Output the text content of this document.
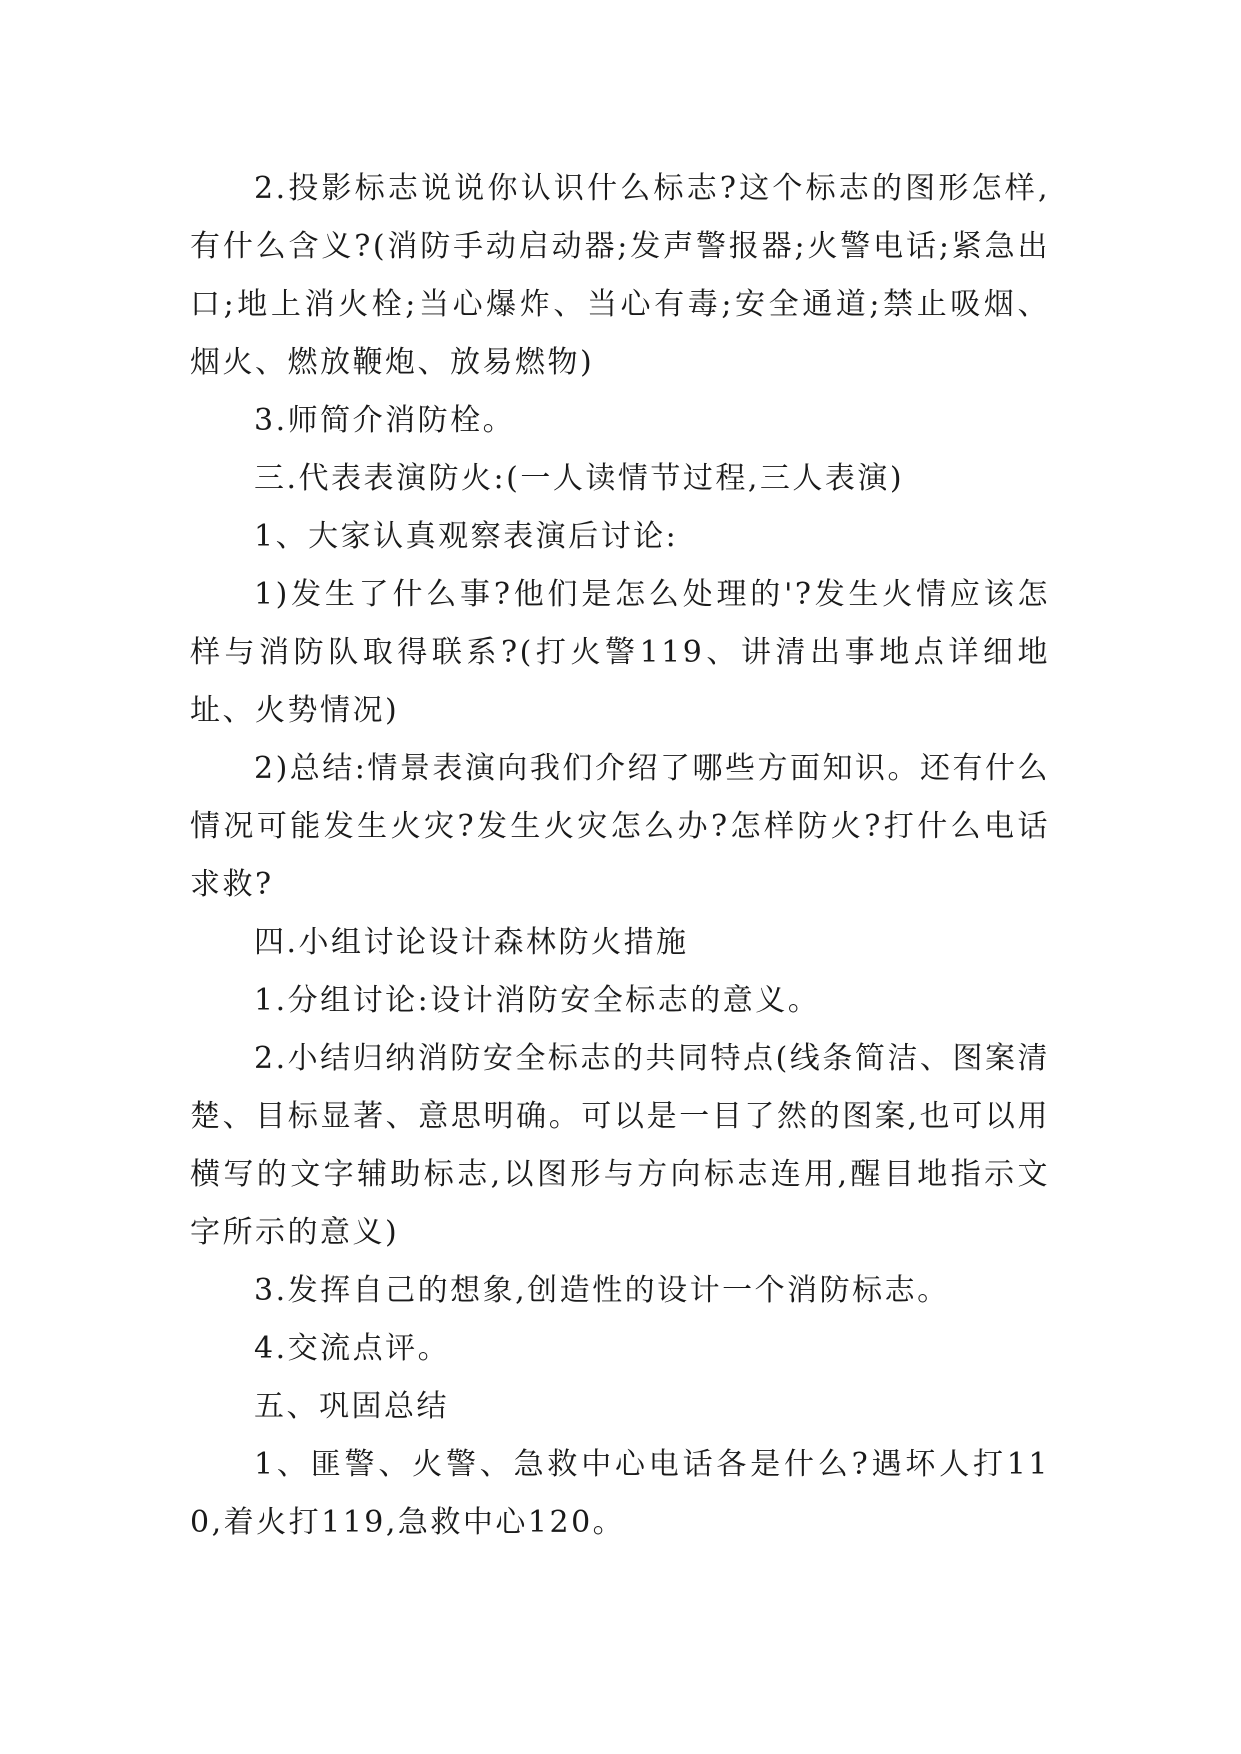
2.投影标志说说你认识什么标志?这个标志的图形怎样,有什么含义?(消防手动启动器;发声警报器;火警电话;紧急出口;地上消火栓;当心爆炸、当心有毒;安全通道;禁止吸烟、烟火、燃放鞭炮、放易燃物)

3.师简介消防栓。

三.代表表演防火:(一人读情节过程,三人表演)

1、大家认真观察表演后讨论:

1)发生了什么事?他们是怎么处理的'?发生火情应该怎样与消防队取得联系?(打火警119、讲清出事地点详细地址、火势情况)

2)总结:情景表演向我们介绍了哪些方面知识。还有什么情况可能发生火灾?发生火灾怎么办?怎样防火?打什么电话求救?

四.小组讨论设计森林防火措施

1.分组讨论:设计消防安全标志的意义。

2.小结归纳消防安全标志的共同特点(线条简洁、图案清楚、目标显著、意思明确。可以是一目了然的图案,也可以用横写的文字辅助标志,以图形与方向标志连用,醒目地指示文字所示的意义)

3.发挥自己的想象,创造性的设计一个消防标志。

4.交流点评。

五、巩固总结

1、匪警、火警、急救中心电话各是什么?遇坏人打110,着火打119,急救中心120。
